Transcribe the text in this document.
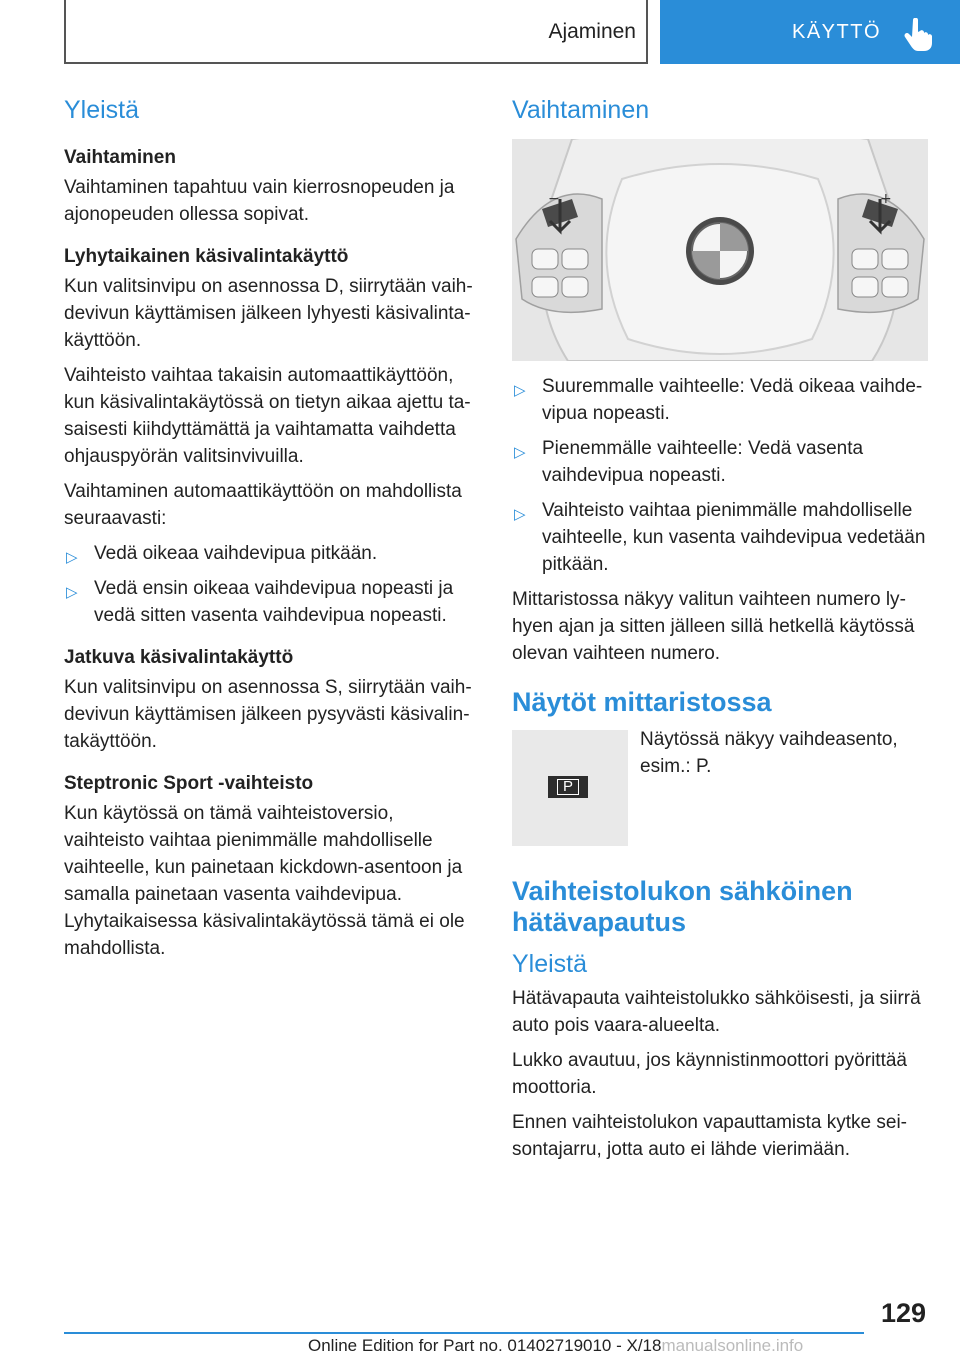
Ajaminen	KÄYTTÖ
Yleistä
Vaihtaminen

Vaihtaminen tapahtuu vain kierrosnopeuden ja ajonopeuden ollessa sopivat.

Lyhytaikainen käsivalintakäyttö

Kun valitsinvipu on asennossa D, siirrytään vaihdevivun käyttämisen jälkeen lyhyesti käsivalintakäyttöön.

Vaihteisto vaihtaa takaisin automaattikäyttöön, kun käsivalintakäytössä on tietyn aikaa ajettu tasaisesti kiihdyttämättä ja vaihtamatta vaihdetta ohjauspyörän valitsinvivuilla.

Vaihtaminen automaattikäyttöön on mahdollista seuraavasti:

▷ Vedä oikeaa vaihdevipua pitkään.
▷ Vedä ensin oikeaa vaihdevipua nopeasti ja vedä sitten vasenta vaihdevipua nopeasti.
Jatkuva käsivalintakäyttö

Kun valitsinvipu on asennossa S, siirrytään vaihdevivun käyttämisen jälkeen pysyvästi käsivalintakäyttöön.

Steptronic Sport -vaihteisto

Kun käytössä on tämä vaihteistoversio, vaihteisto vaihtaa pienimmälle mahdolliselle vaihteelle, kun painetaan kickdown-asentoon ja samalla painetaan vasenta vaihdevipua. Lyhytaikaisessa käsivalintakäytössä tämä ei ole mahdollista.

Vaihtaminen
−	+
▷ Suuremmalle vaihteelle: Vedä oikeaa vaihdevipua nopeasti.
▷ Pienemmälle vaihteelle: Vedä vasenta vaihdevipua nopeasti.
▷ Vaihteisto vaihtaa pienimmälle mahdolliselle vaihteelle, kun vasenta vaihdevipua vedetään pitkään.

Mittaristossa näkyy valitun vaihteen numero lyhyen ajan ja sitten jälleen sillä hetkellä käytössä olevan vaihteen numero.

Näytöt mittaristossa
P

Näytössä näkyy vaihdeasento, esim.: P.

Vaihteistolukon sähköinen hätävapautus
Yleistä

Hätävapauta vaihteistolukko sähköisesti, ja siirrä auto pois vaara-alueelta.

Lukko avautuu, jos käynnistinmoottori pyörittää moottoria.

Ennen vaihteistolukon vapauttamista kytke seisontajarru, jotta auto ei lähde vierimään.

129
Online Edition for Part no. 01402719010 - X/18manualsonline.info
